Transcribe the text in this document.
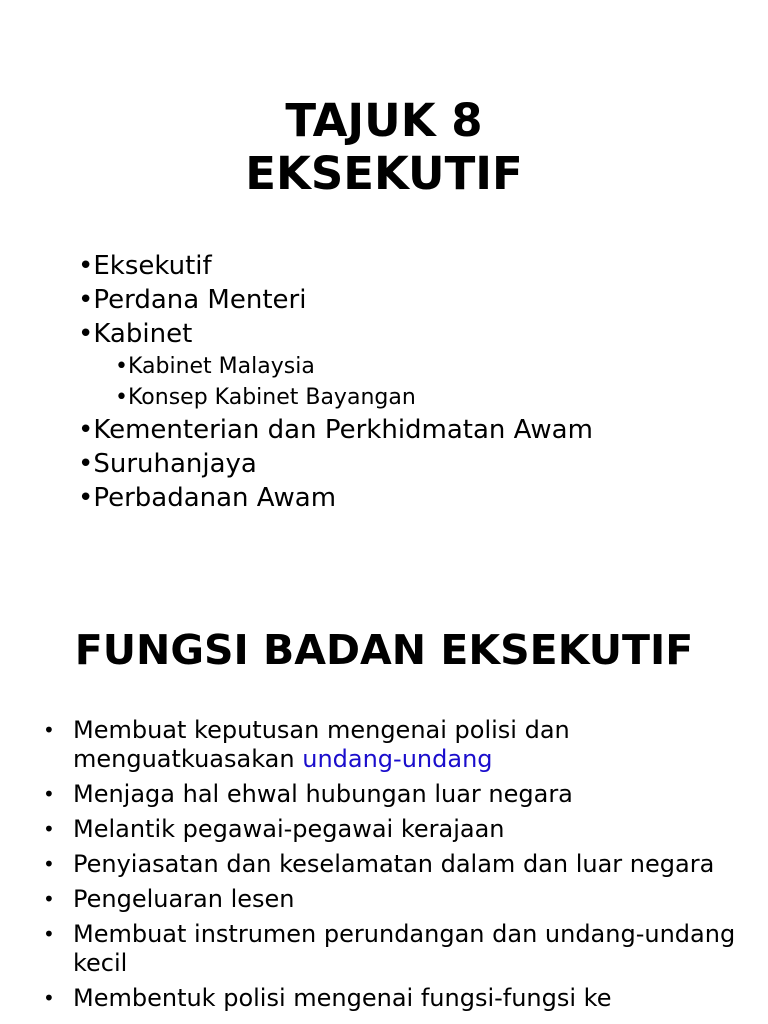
TAJUK 8
EKSEKUTIF
•Eksekutif
•Perdana Menteri
•Kabinet
•Kabinet Malaysia
•Konsep Kabinet Bayangan
•Kementerian dan Perkhidmatan Awam
•Suruhanjaya
•Perbadanan Awam
FUNGSI BADAN EKSEKUTIF
• Membuat keputusan mengenai polisi dan menguatkuasakan undang-undang
• Menjaga hal ehwal hubungan luar negara
• Melantik pegawai-pegawai kerajaan
• Penyiasatan dan keselamatan dalam dan luar negara
• Pengeluaran lesen
• Membuat instrumen perundangan dan undang-undang kecil
• Membentuk polisi mengenai fungsi-fungsi ke
